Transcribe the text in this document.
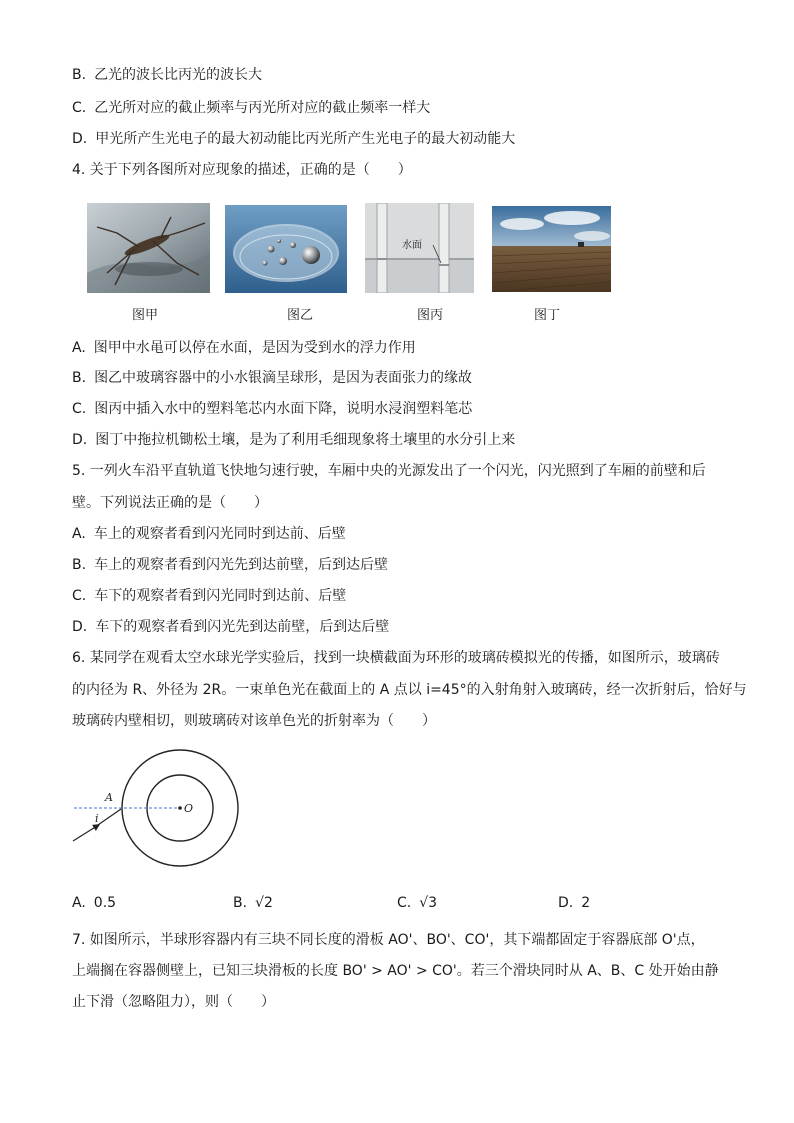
B. 乙光的波长比丙光的波长大
C. 乙光所对应的截止频率与丙光所对应的截止频率一样大
D. 甲光所产生光电子的最大初动能比丙光所产生光电子的最大初动能大
4. 关于下列各图所对应现象的描述，正确的是（　　）
水面
图甲	图乙	图丙	图丁
A. 图甲中水黾可以停在水面，是因为受到水的浮力作用
B. 图乙中玻璃容器中的小水银滴呈球形，是因为表面张力的缘故
C. 图丙中插入水中的塑料笔芯内水面下降，说明水浸润塑料笔芯
D. 图丁中拖拉机锄松土壤，是为了利用毛细现象将土壤里的水分引上来
5. 一列火车沿平直轨道飞快地匀速行驶，车厢中央的光源发出了一个闪光，闪光照到了车厢的前壁和后
壁。下列说法正确的是（　　）
A. 车上的观察者看到闪光同时到达前、后壁
B. 车上的观察者看到闪光先到达前壁，后到达后壁
C. 车下的观察者看到闪光同时到达前、后壁
D. 车下的观察者看到闪光先到达前壁，后到达后壁
6. 某同学在观看太空水球光学实验后，找到一块横截面为环形的玻璃砖模拟光的传播，如图所示，玻璃砖
的内径为 R、外径为 2R。一束单色光在截面上的 A 点以 i=45°的入射角射入玻璃砖，经一次折射后，恰好与
玻璃砖内壁相切，则玻璃砖对该单色光的折射率为（　　）
A
i
O
A. 0.5	B. √2	C. √3	D. 2
7. 如图所示，半球形容器内有三块不同长度的滑板 AO'、BO'、CO'，其下端都固定于容器底部 O'点，
上端搁在容器侧壁上，已知三块滑板的长度 BO' > AO' > CO'。若三个滑块同时从 A、B、C 处开始由静
止下滑（忽略阻力），则（　　）
